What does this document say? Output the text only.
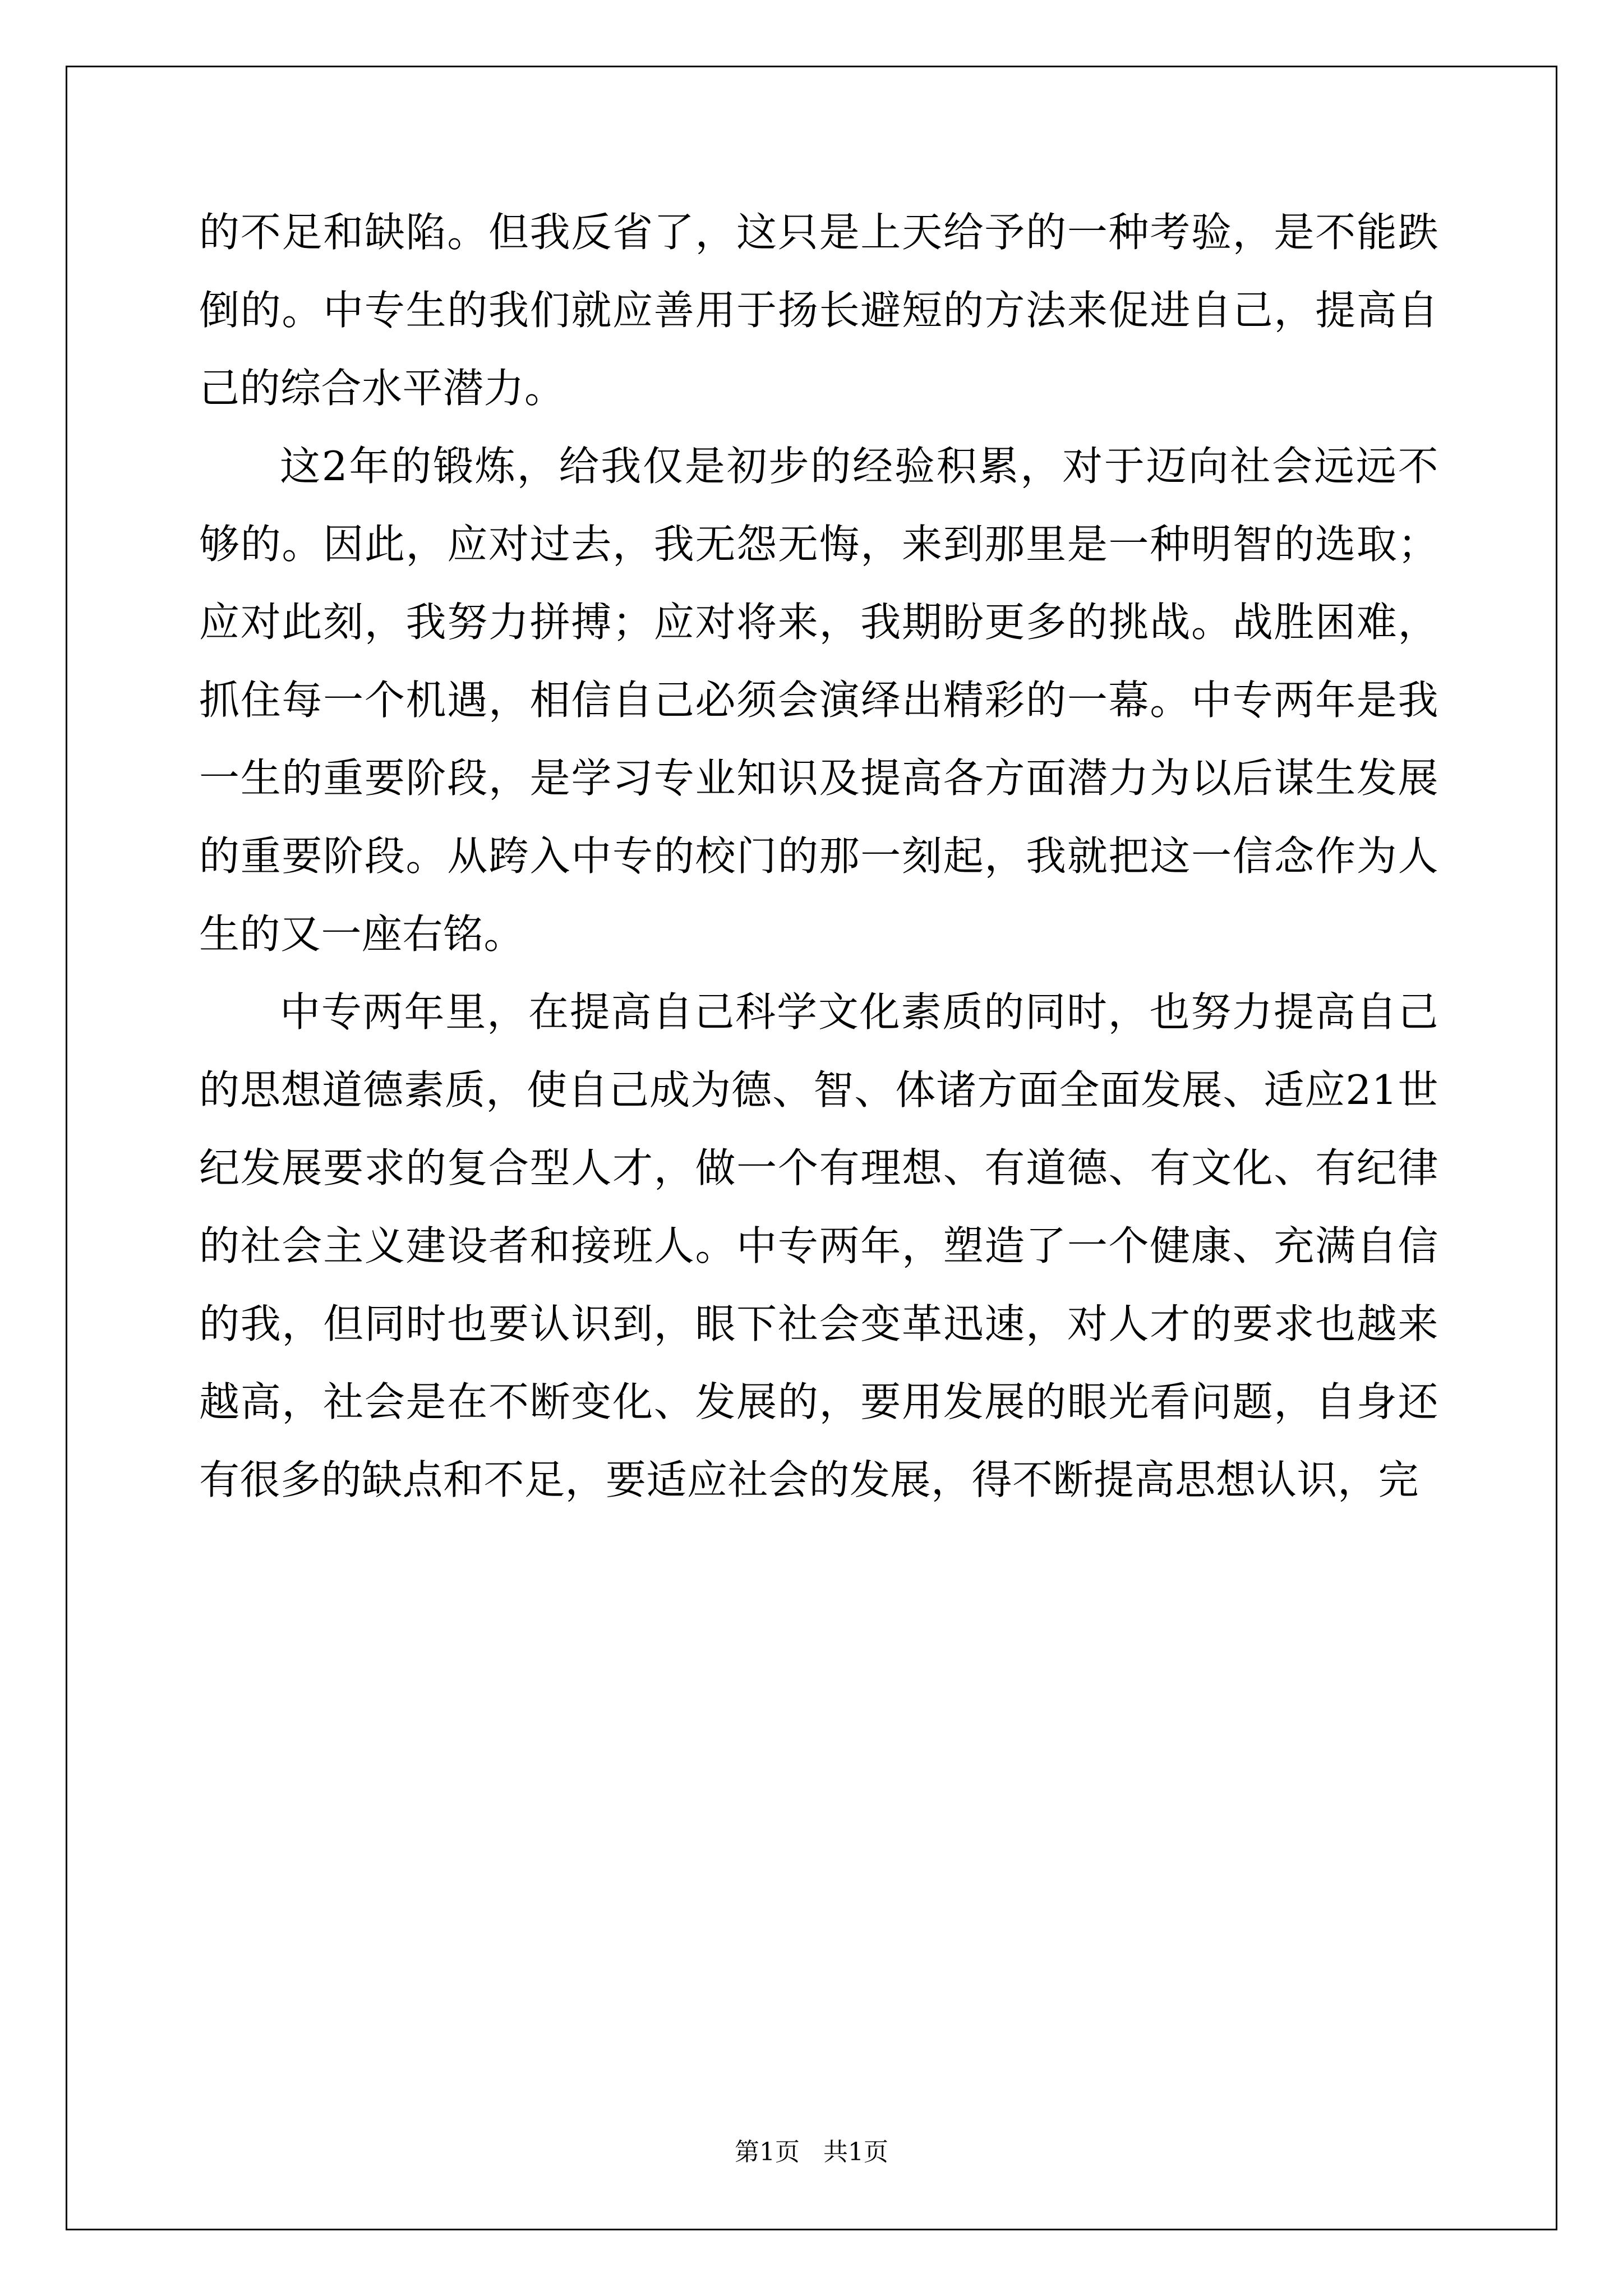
的不足和缺陷。但我反省了，这只是上天给予的一种考验，是不能跌倒的。中专生的我们就应善用于扬长避短的方法来促进自己，提高自己的综合水平潜力。

这2年的锻炼，给我仅是初步的经验积累，对于迈向社会远远不够的。因此，应对过去，我无怨无悔，来到那里是一种明智的选取；应对此刻，我努力拼搏；应对将来，我期盼更多的挑战。战胜困难，抓住每一个机遇，相信自己必须会演绎出精彩的一幕。中专两年是我一生的重要阶段，是学习专业知识及提高各方面潜力为以后谋生发展的重要阶段。从跨入中专的校门的那一刻起，我就把这一信念作为人生的又一座右铭。

中专两年里，在提高自己科学文化素质的同时，也努力提高自己的思想道德素质，使自己成为德、智、体诸方面全面发展、适应21世纪发展要求的复合型人才，做一个有理想、有道德、有文化、有纪律的社会主义建设者和接班人。中专两年，塑造了一个健康、充满自信的我，但同时也要认识到，眼下社会变革迅速，对人才的要求也越来越高，社会是在不断变化、发展的，要用发展的眼光看问题，自身还有很多的缺点和不足，要适应社会的发展，得不断提高思想认识，完

第1页 共1页
